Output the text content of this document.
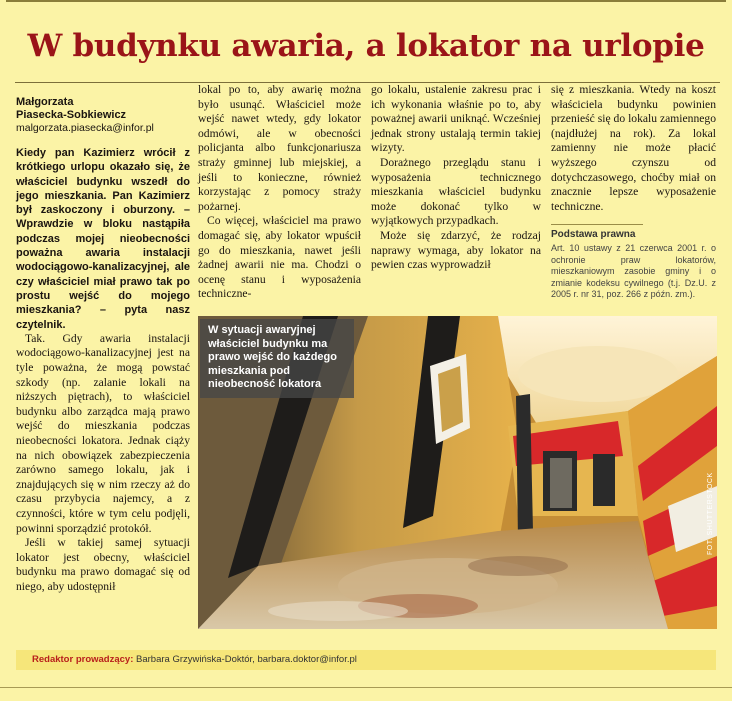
W budynku awaria, a lokator na urlopie
Małgorzata
Piasecka-Sobkiewicz
malgorzata.piasecka@infor.pl

Kiedy pan Kazimierz wrócił z krótkiego urlopu okazało się, że właściciel budynku wszedł do jego mieszkania. Pan Kazimierz był zaskoczony i oburzony. – Wprawdzie w bloku nastąpiła podczas mojej nieobecności poważna awaria instalacji wodociągowo-kanalizacyjnej, ale czy właściciel miał prawo tak po prostu wejść do mojego mieszkania? – pyta nasz czytelnik.

Tak. Gdy awaria instalacji wodociągowo-kanalizacyjnej jest na tyle poważna, że mogą powstać szkody (np. zalanie lokali na niższych piętrach), to właściciel budynku albo zarządca mają prawo wejść do mieszkania podczas nieobecności lokatora. Jednak ciąży na nich obowiązek zabezpieczenia zarówno samego lokalu, jak i znajdujących się w nim rzeczy aż do czasu przybycia najemcy, a z czynności, które w tym celu podjęli, powinni sporządzić protokół.

Jeśli w takiej samej sytuacji lokator jest obecny, właściciel budynku ma prawo domagać się od niego, aby udostępnił

lokal po to, aby awarię można było usunąć. Właściciel może wejść nawet wtedy, gdy lokator odmówi, ale w obecności policjanta albo funkcjonariusza straży gminnej lub miejskiej, a jeśli to konieczne, również korzystając z pomocy straży pożarnej.

Co więcej, właściciel ma prawo domagać się, aby lokator wpuścił go do mieszkania, nawet jeśli żadnej awarii nie ma. Chodzi o ocenę stanu i wyposażenia techniczne-

go lokalu, ustalenie zakresu prac i ich wykonania właśnie po to, aby poważnej awarii uniknąć. Wcześniej jednak strony ustalają termin takiej wizyty.

Dorażnego przeglądu stanu i wyposażenia technicznego mieszkania właściciel budynku może dokonać tylko w wyjątkowych przypadkach.

Może się zdarzyć, że rodzaj naprawy wymaga, aby lokator na pewien czas wyprowadził

się z mieszkania. Wtedy na koszt właściciela budynku powinien przenieść się do lokalu zamiennego (najdłużej na rok). Za lokal zamienny nie może płacić wyższego czynszu od dotychczasowego, choćby miał on znacznie lepsze wyposażenie techniczne.

Podstawa prawna
Art. 10 ustawy z 21 czerwca 2001 r. o ochronie praw lokatorów, mieszkaniowym zasobie gminy i o zmianie kodeksu cywilnego (t.j. Dz.U. z 2005 r. nr 31, poz. 266 z późn. zm.).
W sytuacji awaryjnej właściciel budynku ma prawo wejść do każdego mieszkania pod nieobecność lokatora
FOT. SHUTTERSTOCK
Redaktor prowadzący: Barbara Grzywińska-Doktór, barbara.doktor@infor.pl
